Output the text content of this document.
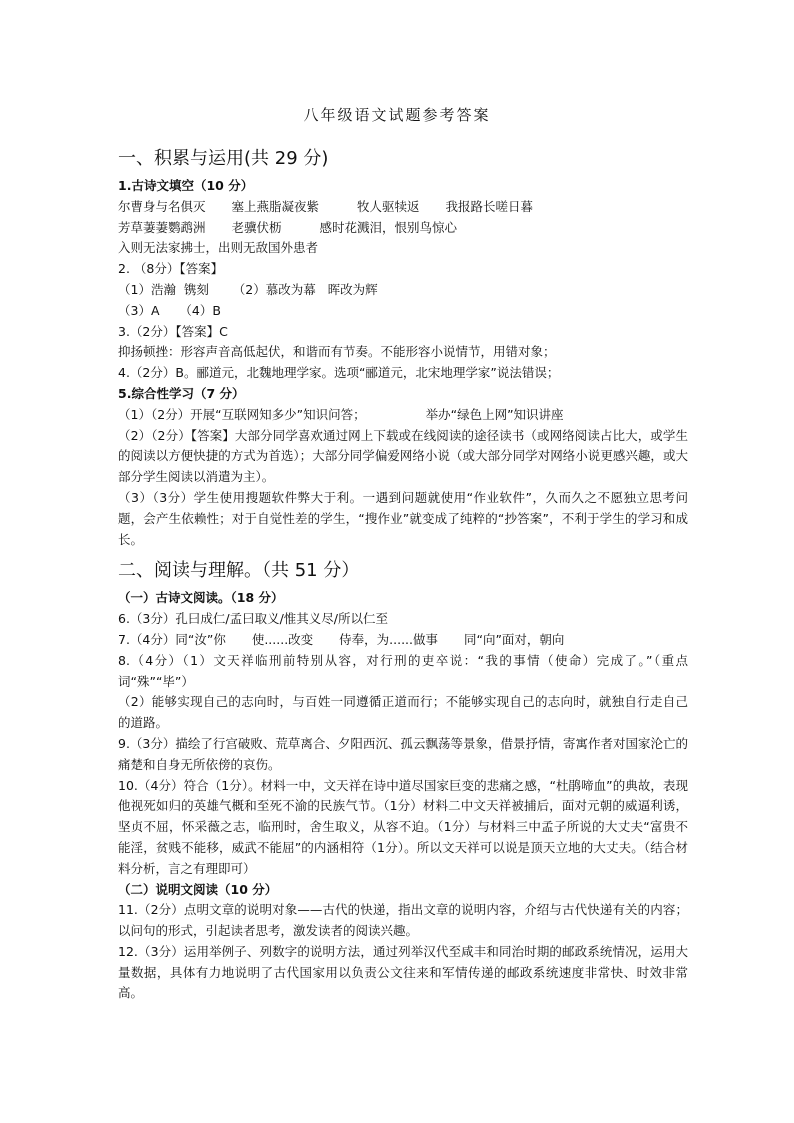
八年级语文试题参考答案
一、积累与运用(共 29 分)
1.古诗文填空（10 分）
尔曹身与名俱灭 塞上燕脂凝夜紫	牧人驱犊返 我报路长嗟日暮
芳草萋萋鹦鹉洲 老骥伏枥	感时花溅泪，恨别鸟惊心
入则无法家拂士，出则无敌国外患者
2. （8分）【答案】
（1）浩瀚  镌刻      （2）慕改为幕   晖改为辉
（3）A     （4）B
3.（2分）【答案】C
抑扬顿挫：形容声音高低起伏，和谐而有节奏。不能形容小说情节，用错对象；
4.（2分）B。郦道元，北魏地理学家。选项“郦道元，北宋地理学家”说法错误；
5.综合性学习（7 分）
（1）（2分）开展“互联网知多少”知识问答；	举办“绿色上网”知识讲座
（2）（2分）【答案】大部分同学喜欢通过网上下载或在线阅读的途径读书（或网络阅读占比大，或学生的阅读以方便快捷的方式为首选）；大部分同学偏爱网络小说（或大部分同学对网络小说更感兴趣，或大部分学生阅读以消遣为主）。
（3）（3分）学生使用搜题软件弊大于利。一遇到问题就使用“作业软件”，久而久之不愿独立思考问题，会产生依赖性；对于自觉性差的学生，“搜作业”就变成了纯粹的“抄答案”，不利于学生的学习和成长。
二、阅读与理解。（共 51 分）
（一）古诗文阅读。（18 分）
6.（3分）孔曰成仁/孟曰取义/惟其义尽/所以仁至
7.（4分）同“汝”你 使......改变 侍奉，为......做事 同“向”面对，朝向
8.（4分）（1）文天祥临刑前特别从容，对行刑的吏卒说：“我的事情（使命）完成了。”（重点词“殊”“毕”）
（2）能够实现自己的志向时，与百姓一同遵循正道而行；不能够实现自己的志向时，就独自行走自己的道路。
9.（3分）描绘了行宫破败、荒草离合、夕阳西沉、孤云飘荡等景象，借景抒情，寄寓作者对国家沦亡的痛楚和自身无所依傍的哀伤。
10.（4分）符合（1分）。材料一中，文天祥在诗中道尽国家巨变的悲痛之感，“杜鹃啼血”的典故，表现他视死如归的英雄气概和至死不渝的民族气节。（1分）材料二中文天祥被捕后，面对元朝的威逼利诱，坚贞不屈，怀采薇之志，临刑时，舍生取义，从容不迫。（1分）与材料三中孟子所说的大丈夫“富贵不能淫，贫贱不能移，威武不能屈”的内涵相符（1分）。所以文天祥可以说是顶天立地的大丈夫。（结合材料分析，言之有理即可）
（二）说明文阅读（10 分）
11.（2分）点明文章的说明对象——古代的快递，指出文章的说明内容，介绍与古代快递有关的内容；以问句的形式，引起读者思考，激发读者的阅读兴趣。
12.（3分）运用举例子、列数字的说明方法，通过列举汉代至咸丰和同治时期的邮政系统情况，运用大量数据，具体有力地说明了古代国家用以负责公文往来和军情传递的邮政系统速度非常快、时效非常高。
